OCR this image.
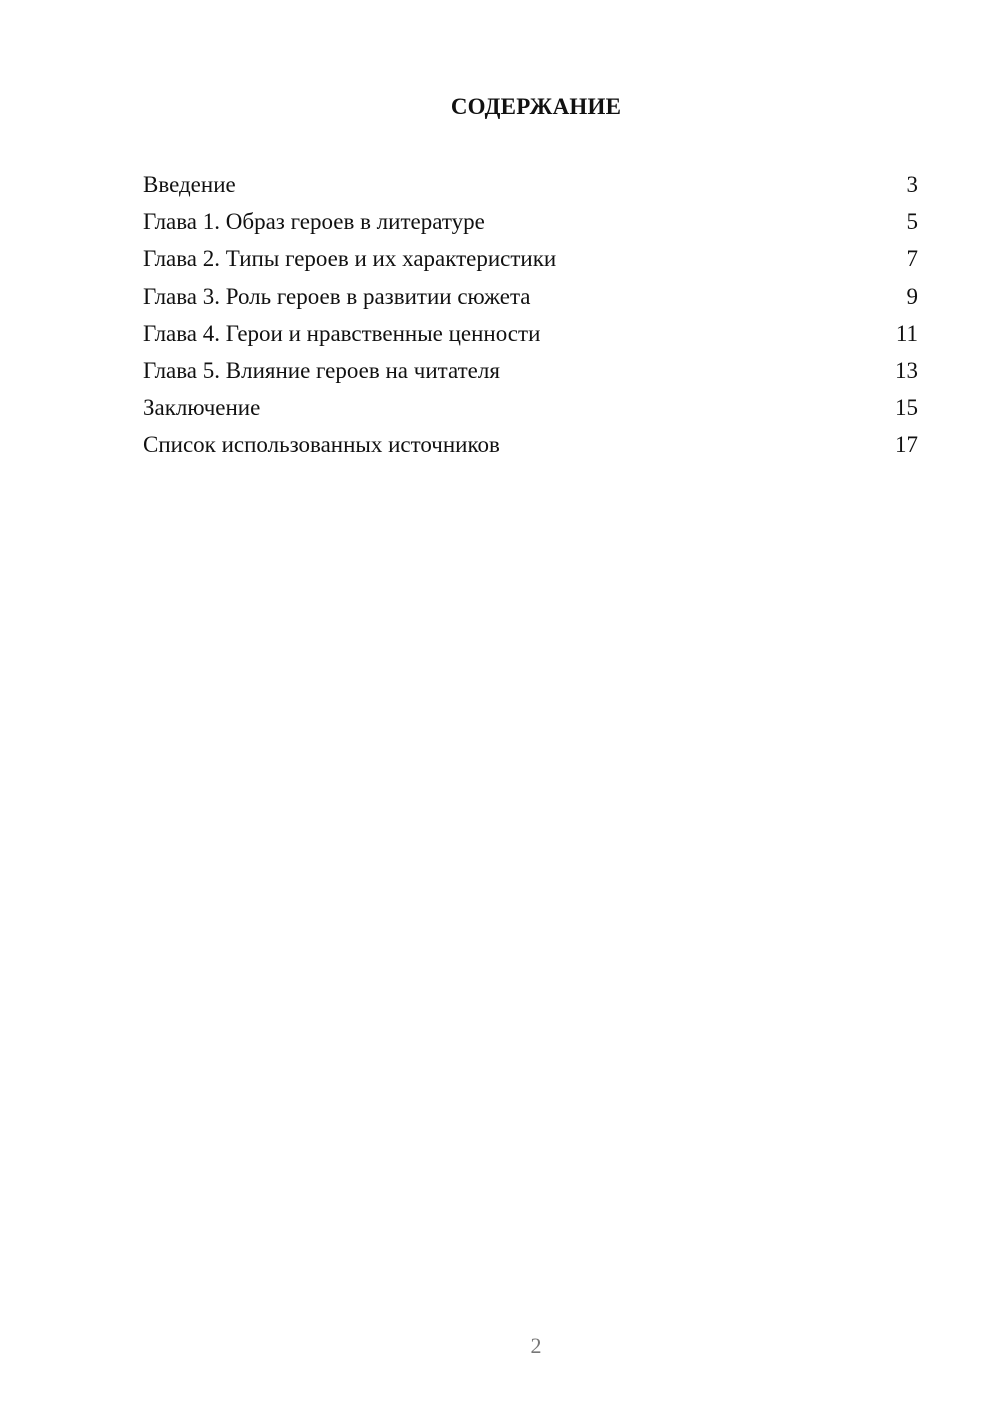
СОДЕРЖАНИЕ
Введение	3
Глава 1. Образ героев в литературе	5
Глава 2. Типы героев и их характеристики	7
Глава 3. Роль героев в развитии сюжета	9
Глава 4. Герои и нравственные ценности	11
Глава 5. Влияние героев на читателя	13
Заключение	15
Список использованных источников	17
2
